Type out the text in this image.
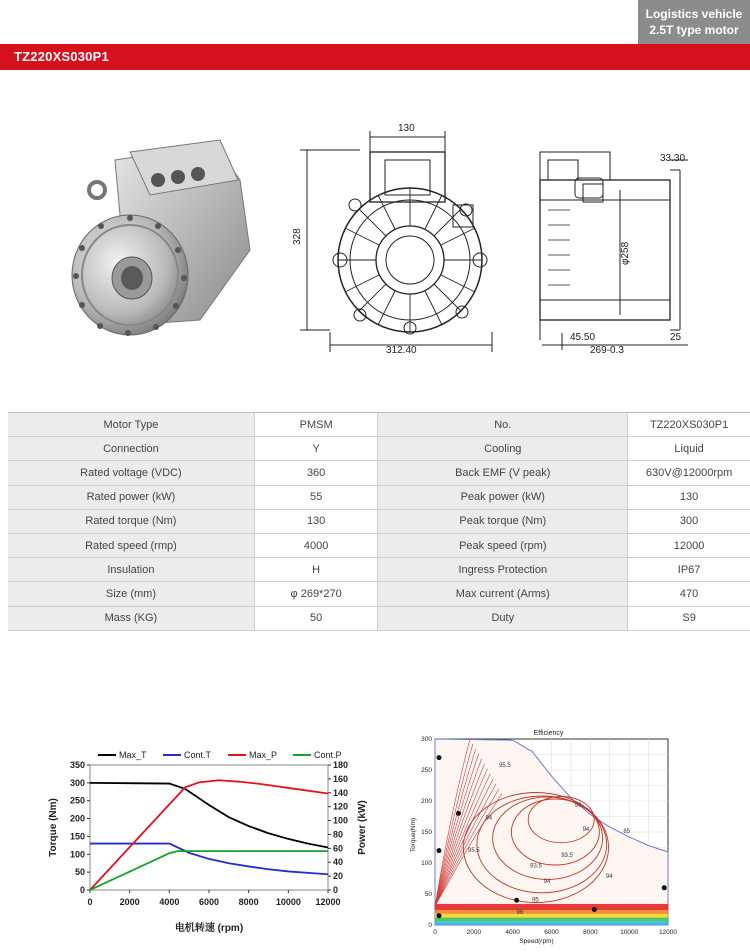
Logistics vehicle
2.5T type motor
TZ220XS030P1
130
328
312.40
33.30
φ258
45.50
269-0.3
25
Motor Type	PMSM	No.	TZ220XS030P1
Connection	Y	Cooling	Liquid
Rated voltage (VDC)	360	Back EMF (V peak)	630V@12000rpm
Rated power (kW)	55	Peak power (kW)	130
Rated torque (Nm)	130	Peak torque (Nm)	300
Rated speed (rmp)	4000	Peak speed (rpm)	12000
Insulation	H	Ingress Protection	IP67
Size (mm)	φ 269*270	Max current (Arms)	470
Mass (KG)	50	Duty	S9
0	2000 4000 6000 8000 10000 12000
0
50
100
150
200
250
300
350
0
20
40
60
80
100
120
140
160
180
Max_T	Cont.T	Max_P	Cont.P
电机转速 (rpm)
Torque (Nm)	Power (kW)	90
93.5
93.5
94
94
95
96
95.5
94
95.5
94	85
0	2000	4000	6000	8000	10000	12000
0
50
100
150
200
250
300
Efficiency
Speed(rpm)
Torque(Nm)
